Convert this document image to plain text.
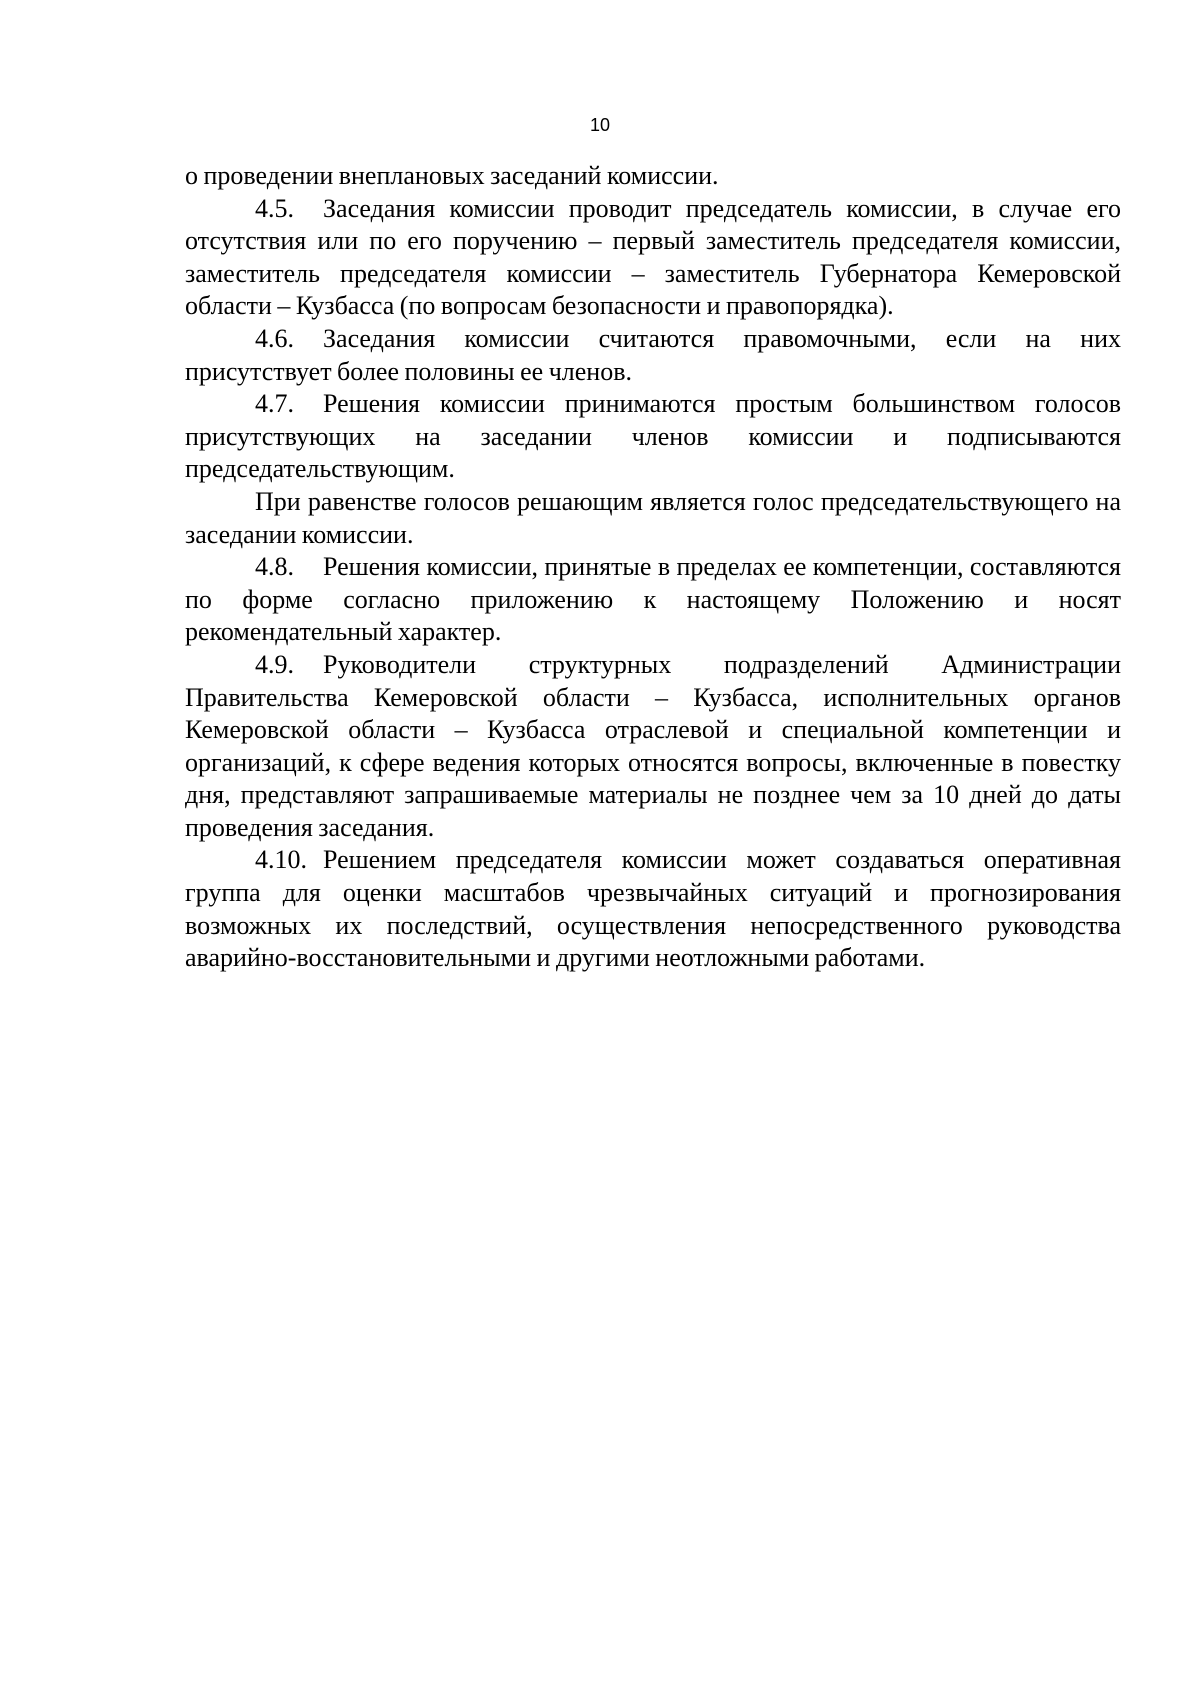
10

о проведении внеплановых заседаний комиссии.

4.5. Заседания комиссии проводит председатель комиссии, в случае его отсутствия или по его поручению – первый заместитель председателя комиссии, заместитель председателя комиссии – заместитель Губернатора Кемеровской области – Кузбасса (по вопросам безопасности и правопорядка).

4.6. Заседания комиссии считаются правомочными, если на них присутствует более половины ее членов.

4.7. Решения комиссии принимаются простым большинством голосов присутствующих на заседании членов комиссии и подписываются председательствующим.

При равенстве голосов решающим является голос председательствующего на заседании комиссии.

4.8. Решения комиссии, принятые в пределах ее компетенции, составляются по форме согласно приложению к настоящему Положению и носят рекомендательный характер.

4.9. Руководители структурных подразделений Администрации Правительства Кемеровской области – Кузбасса, исполнительных органов Кемеровской области – Кузбасса отраслевой и специальной компетенции и организаций, к сфере ведения которых относятся вопросы, включенные в повестку дня, представляют запрашиваемые материалы не позднее чем за 10 дней до даты проведения заседания.

4.10. Решением председателя комиссии может создаваться оперативная группа для оценки масштабов чрезвычайных ситуаций и прогнозирования возможных их последствий, осуществления непосредственного руководства аварийно-восстановительными и другими неотложными работами.
